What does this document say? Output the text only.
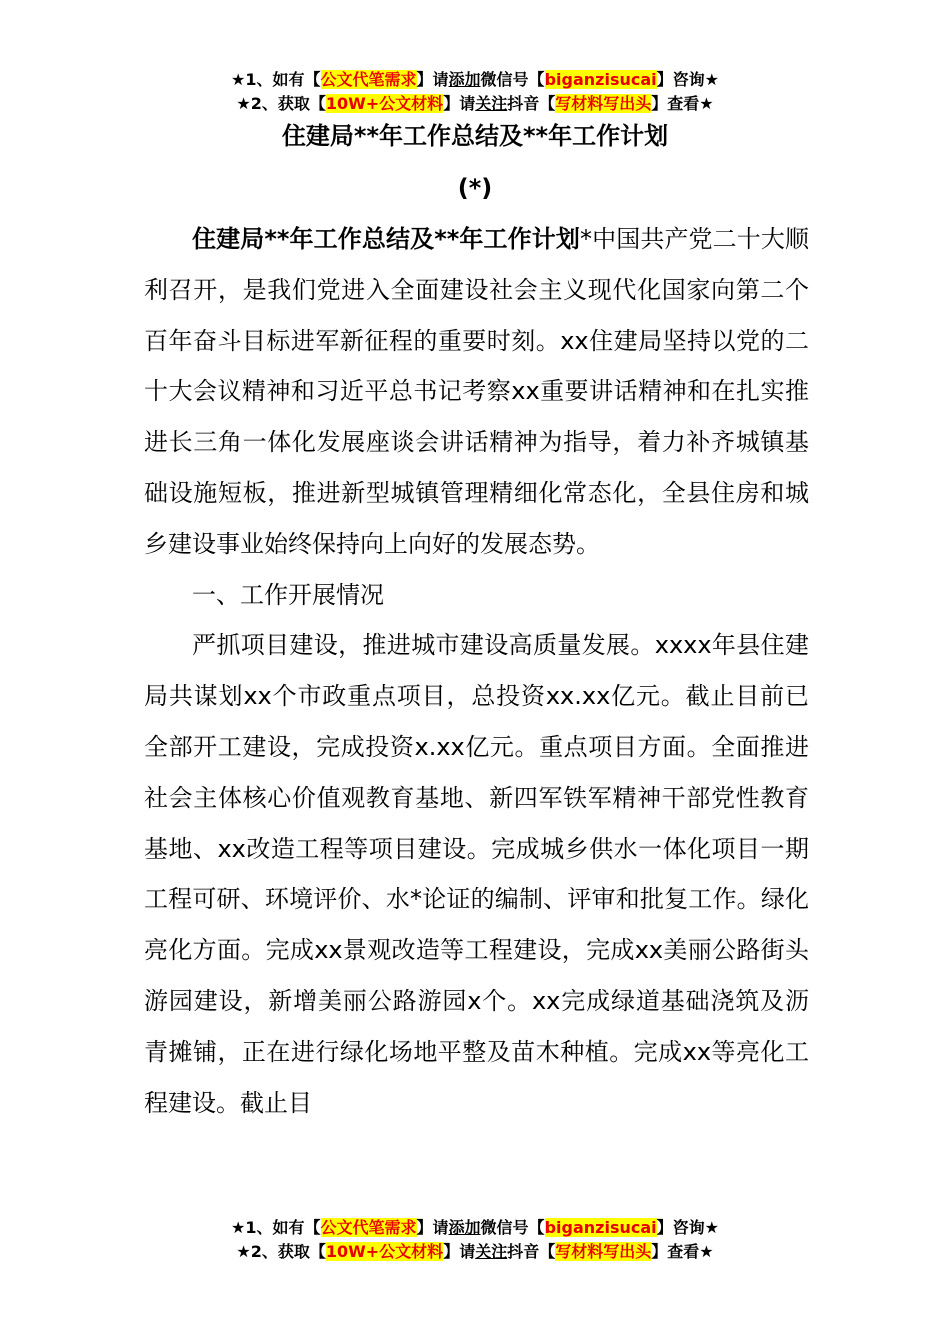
★1、如有【公文代笔需求】请添加微信号【biganzisucai】咨询★
★2、获取【10W+公文材料】请关注抖音【写材料写出头】查看★
住建局**年工作总结及**年工作计划
(*)

住建局**年工作总结及**年工作计划*中国共产党二十大顺利召开，是我们党进入全面建设社会主义现代化国家向第二个百年奋斗目标进军新征程的重要时刻。xx住建局坚持以党的二十大会议精神和习近平总书记考察xx重要讲话精神和在扎实推进长三角一体化发展座谈会讲话精神为指导，着力补齐城镇基础设施短板，推进新型城镇管理精细化常态化，全县住房和城乡建设事业始终保持向上向好的发展态势。

一、工作开展情况

严抓项目建设，推进城市建设高质量发展。xxxx年县住建局共谋划xx个市政重点项目，总投资xx.xx亿元。截止目前已全部开工建设，完成投资x.xx亿元。重点项目方面。全面推进社会主体核心价值观教育基地、新四军铁军精神干部党性教育基地、xx改造工程等项目建设。完成城乡供水一体化项目一期工程可研、环境评价、水*论证的编制、评审和批复工作。绿化亮化方面。完成xx景观改造等工程建设，完成xx美丽公路街头游园建设，新增美丽公路游园x个。xx完成绿道基础浇筑及沥青摊铺，正在进行绿化场地平整及苗木种植。完成xx等亮化工程建设。截止目

★1、如有【公文代笔需求】请添加微信号【biganzisucai】咨询★
★2、获取【10W+公文材料】请关注抖音【写材料写出头】查看★
